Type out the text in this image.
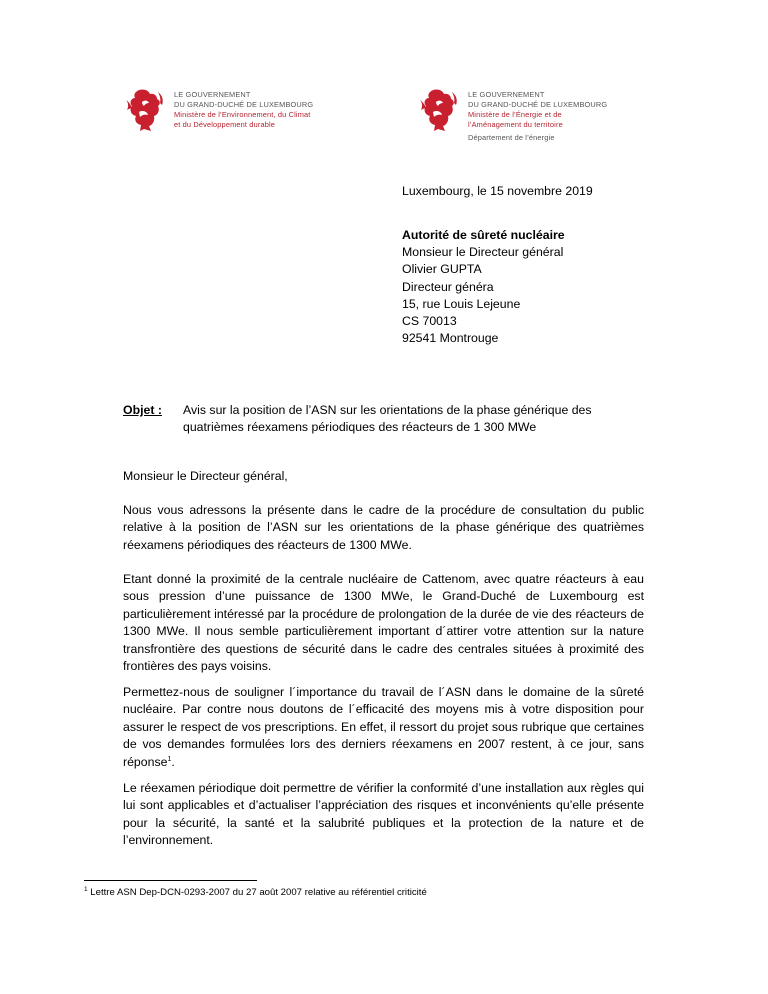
LE GOUVERNEMENT
DU GRAND-DUCHÉ DE LUXEMBOURG
Ministère de l’Environnement, du Climat
et du Développement durable
LE GOUVERNEMENT
DU GRAND-DUCHÉ DE LUXEMBOURG
Ministère de l’Énergie et de
l’Aménagement du territoire
Département de l’énergie
Luxembourg, le 15 novembre 2019
Autorité de sûreté nucléaire
Monsieur le Directeur général
Olivier GUPTA
Directeur généra
15, rue Louis Lejeune
CS 70013
92541 Montrouge
Objet : Avis sur la position de l’ASN sur les orientations de la phase générique des quatrièmes réexamens périodiques des réacteurs de 1 300 MWe
Monsieur le Directeur général,
Nous vous adressons la présente dans le cadre de la procédure de consultation du public relative à la position de l’ASN sur les orientations de la phase générique des quatrièmes réexamens périodiques des réacteurs de 1300 MWe.
Etant donné la proximité de la centrale nucléaire de Cattenom, avec quatre réacteurs à eau sous pression d’une puissance de 1300 MWe, le Grand-Duché de Luxembourg est particulièrement intéressé par la procédure de prolongation de la durée de vie des réacteurs de 1300 MWe. Il nous semble particulièrement important d´attirer votre attention sur la nature transfrontière des questions de sécurité dans le cadre des centrales situées à proximité des frontières des pays voisins.
Permettez-nous de souligner l´importance du travail de l´ASN dans le domaine de la sûreté nucléaire. Par contre nous doutons de l´efficacité des moyens mis à votre disposition pour assurer le respect de vos prescriptions. En effet, il ressort du projet sous rubrique que certaines de vos demandes formulées lors des derniers réexamens en 2007 restent, à ce jour, sans réponse$^1$.
Le réexamen périodique doit permettre de vérifier la conformité d’une installation aux règles qui lui sont applicables et d’actualiser l’appréciation des risques et inconvénients qu’elle présente pour la sécurité, la santé et la salubrité publiques et la protection de la nature et de l’environnement.
$^1$ Lettre ASN Dep-DCN-0293-2007 du 27 août 2007 relative au référentiel criticité
